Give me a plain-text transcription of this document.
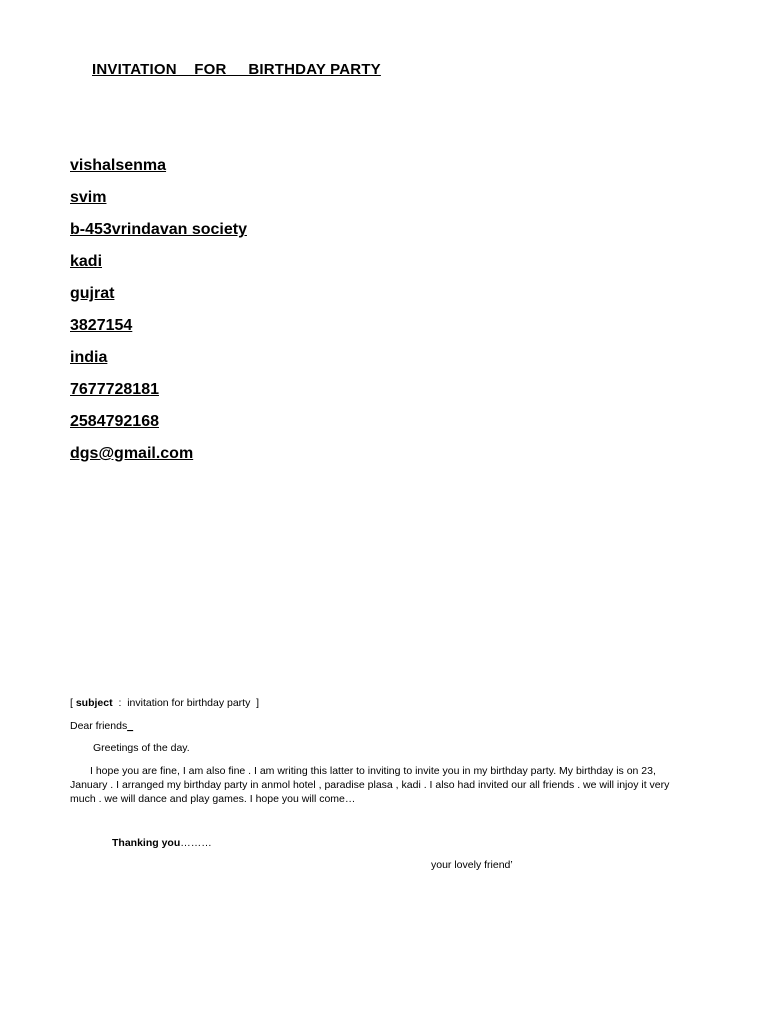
INVITATION    FOR     BIRTHDAY PARTY
vishalsenma
svim
b-453vrindavan society
kadi
gujrat
3827154
india
7677728181
2584792168
dgs@gmail.com

[ subject  :  invitation for birthday party  ]

Dear friends_

Greetings of the day.

I hope you are fine, I am also fine . I am writing this latter to inviting to invite you in my birthday party. My birthday is on 23, January . I arranged my birthday party in anmol hotel , paradise plasa , kadi . I also had invited our all friends . we will injoy it very much . we will dance and play games. I hope you will come…

Thanking you………
your lovely friend’
